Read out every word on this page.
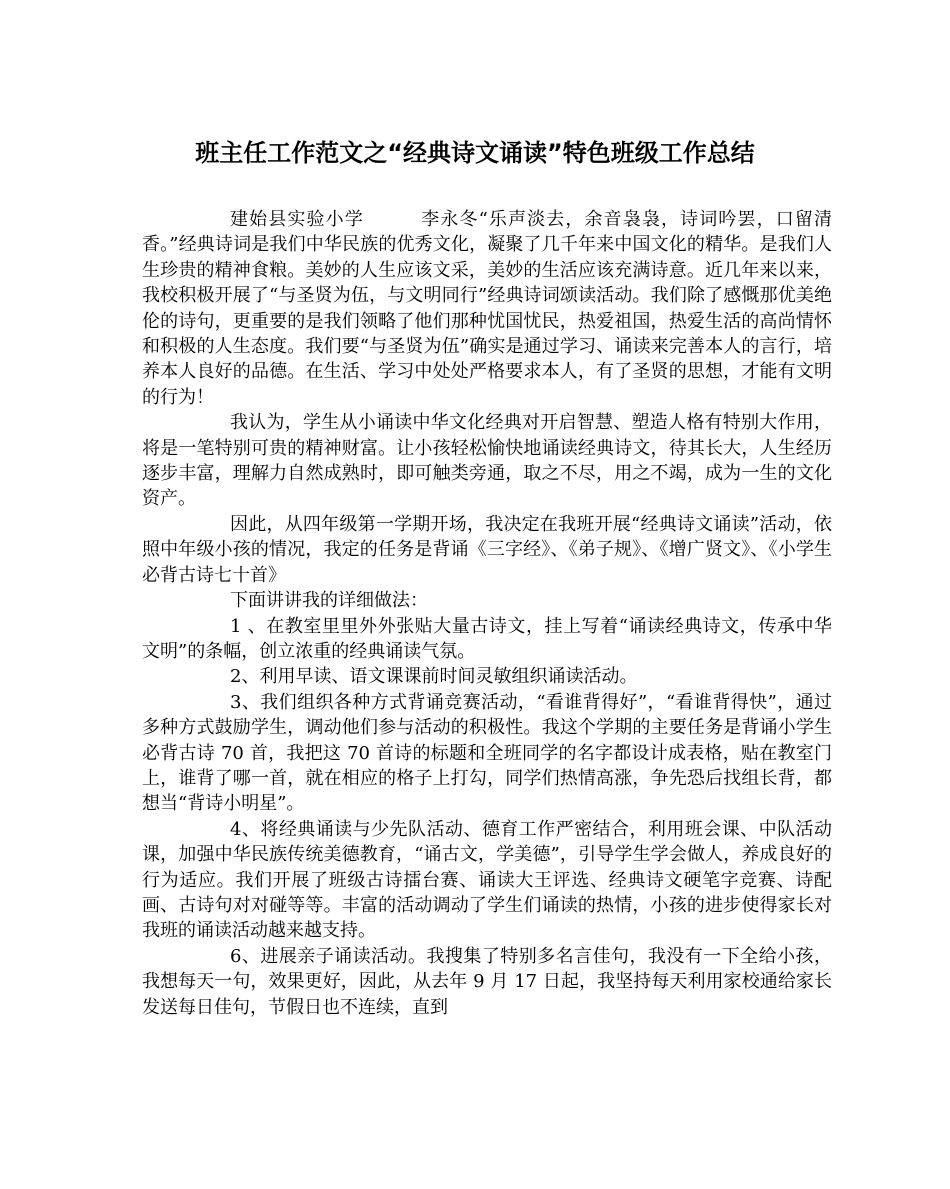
班主任工作范文之“经典诗文诵读”特色班级工作总结

建始县实验小学　　　李永冬“乐声淡去，余音袅袅，诗词吟罢，口留清香。”经典诗词是我们中华民族的优秀文化，凝聚了几千年来中国文化的精华。是我们人生珍贵的精神食粮。美妙的人生应该文采，美妙的生活应该充满诗意。近几年来以来，我校积极开展了“与圣贤为伍，与文明同行”经典诗词颂读活动。我们除了感慨那优美绝伦的诗句，更重要的是我们领略了他们那种忧国忧民，热爱祖国，热爱生活的高尚情怀和积极的人生态度。我们要“与圣贤为伍”确实是通过学习、诵读来完善本人的言行，培养本人良好的品德。在生活、学习中处处严格要求本人，有了圣贤的思想，才能有文明的行为！

我认为，学生从小诵读中华文化经典对开启智慧、塑造人格有特别大作用，将是一笔特别可贵的精神财富。让小孩轻松愉快地诵读经典诗文，待其长大，人生经历逐步丰富，理解力自然成熟时，即可触类旁通，取之不尽，用之不竭，成为一生的文化资产。

因此，从四年级第一学期开场，我决定在我班开展“经典诗文诵读”活动，依照中年级小孩的情况，我定的任务是背诵《三字经》、《弟子规》、《增广贤文》、《小学生必背古诗七十首》

下面讲讲我的详细做法：

1 、在教室里里外外张贴大量古诗文，挂上写着“诵读经典诗文，传承中华文明”的条幅，创立浓重的经典诵读气氛。

2、利用早读、语文课课前时间灵敏组织诵读活动。

3、我们组织各种方式背诵竞赛活动，“看谁背得好”，“看谁背得快”，通过多种方式鼓励学生，调动他们参与活动的积极性。我这个学期的主要任务是背诵小学生必背古诗 70 首，我把这 70 首诗的标题和全班同学的名字都设计成表格，贴在教室门上，谁背了哪一首，就在相应的格子上打勾，同学们热情高涨，争先恐后找组长背，都想当“背诗小明星”。

4、将经典诵读与少先队活动、德育工作严密结合，利用班会课、中队活动课，加强中华民族传统美德教育，“诵古文，学美德”，引导学生学会做人，养成良好的行为适应。我们开展了班级古诗擂台赛、诵读大王评选、经典诗文硬笔字竞赛、诗配画、古诗句对对碰等等。丰富的活动调动了学生们诵读的热情，小孩的进步使得家长对我班的诵读活动越来越支持。

6、进展亲子诵读活动。我搜集了特别多名言佳句，我没有一下全给小孩，我想每天一句，效果更好，因此，从去年 9 月 17 日起，我坚持每天利用家校通给家长发送每日佳句，节假日也不连续，直到
